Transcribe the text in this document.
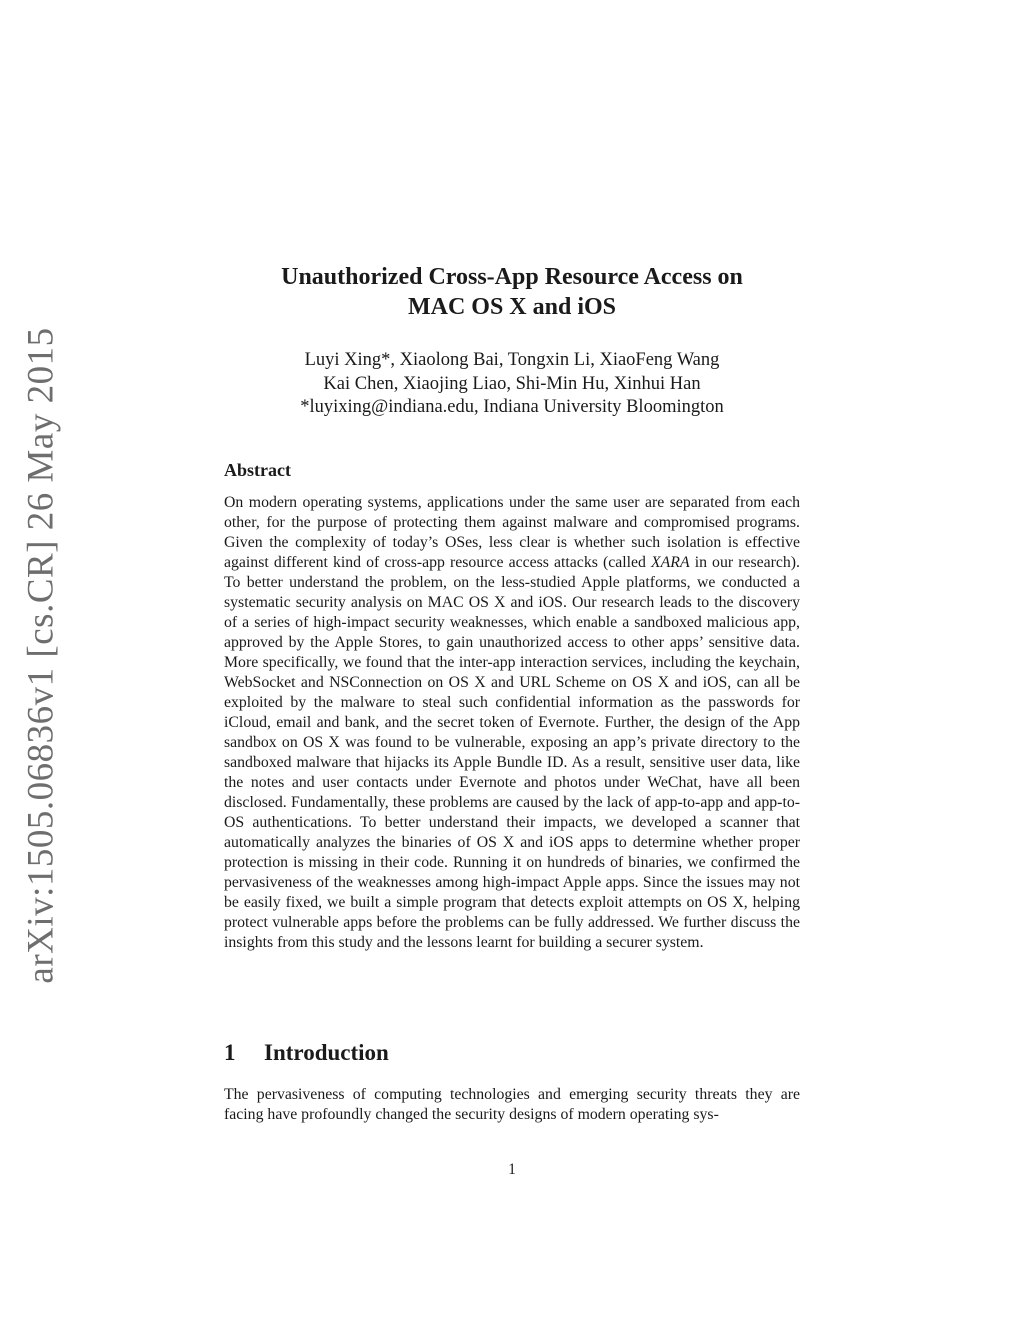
arXiv:1505.06836v1 [cs.CR] 26 May 2015
Unauthorized Cross-App Resource Access on
MAC OS X and iOS
Luyi Xing*, Xiaolong Bai, Tongxin Li, XiaoFeng Wang
Kai Chen, Xiaojing Liao, Shi-Min Hu, Xinhui Han
*luyixing@indiana.edu, Indiana University Bloomington
Abstract

On modern operating systems, applications under the same user are separated from each other, for the purpose of protecting them against malware and compromised programs. Given the complexity of today’s OSes, less clear is whether such isolation is effective against different kind of cross-app resource access attacks (called XARA in our research). To better understand the problem, on the less-studied Apple platforms, we conducted a systematic security analysis on MAC OS X and iOS. Our research leads to the discovery of a series of high-impact security weaknesses, which enable a sandboxed malicious app, approved by the Apple Stores, to gain unauthorized access to other apps’ sensitive data. More specifically, we found that the inter-app interaction services, including the keychain, WebSocket and NSConnection on OS X and URL Scheme on OS X and iOS, can all be exploited by the malware to steal such confidential information as the passwords for iCloud, email and bank, and the secret token of Evernote. Further, the design of the App sandbox on OS X was found to be vulnerable, exposing an app’s private directory to the sandboxed malware that hijacks its Apple Bundle ID. As a result, sensitive user data, like the notes and user contacts under Evernote and photos under WeChat, have all been disclosed. Fundamentally, these problems are caused by the lack of app-to-app and app-to-OS authentications. To better understand their impacts, we developed a scanner that automatically analyzes the binaries of OS X and iOS apps to determine whether proper protection is missing in their code. Running it on hundreds of binaries, we confirmed the pervasiveness of the weaknesses among high-impact Apple apps. Since the issues may not be easily fixed, we built a simple program that detects exploit attempts on OS X, helping protect vulnerable apps before the problems can be fully addressed. We further discuss the insights from this study and the lessons learnt for building a securer system.

1 Introduction

The pervasiveness of computing technologies and emerging security threats they are facing have profoundly changed the security designs of modern operating sys-

1
